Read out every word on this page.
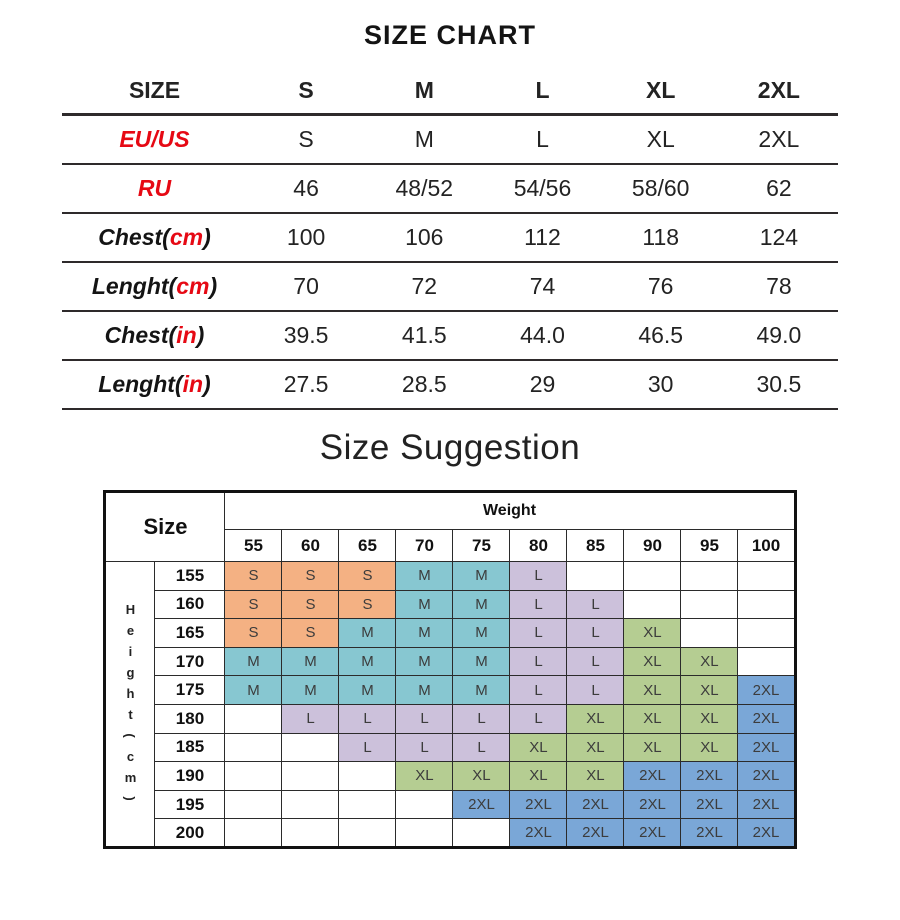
SIZE CHART
SIZE	S	M	L	XL	2XL
EU/US	S	M	L	XL	2XL
RU	46	48/52	54/56	58/60	62
Chest(cm)	100	106	112	118	124
Lenght(cm)	70	72	74	76	78
Chest(in)	39.5	41.5	44.0	46.5	49.0
Lenght(in)	27.5	28.5	29	30	30.5
Size Suggestion
Size		Weight									
		55	60	65	70	75	80	85	90	95	100

H
e
i
g
h
t
(
c
m
)
	155	S	S	S	M	M	L				
	160	S	S	S	M	M	L	L			
	165	S	S	M	M	M	L	L	XL		
	170	M	M	M	M	M	L	L	XL	XL	
	175	M	M	M	M	M	L	L	XL	XL	2XL
	180		L	L	L	L	L	XL	XL	XL	2XL
	185			L	L	L	XL	XL	XL	XL	2XL
	190				XL	XL	XL	XL	2XL	2XL	2XL
	195					2XL	2XL	2XL	2XL	2XL	2XL
	200						2XL	2XL	2XL	2XL	2XL
